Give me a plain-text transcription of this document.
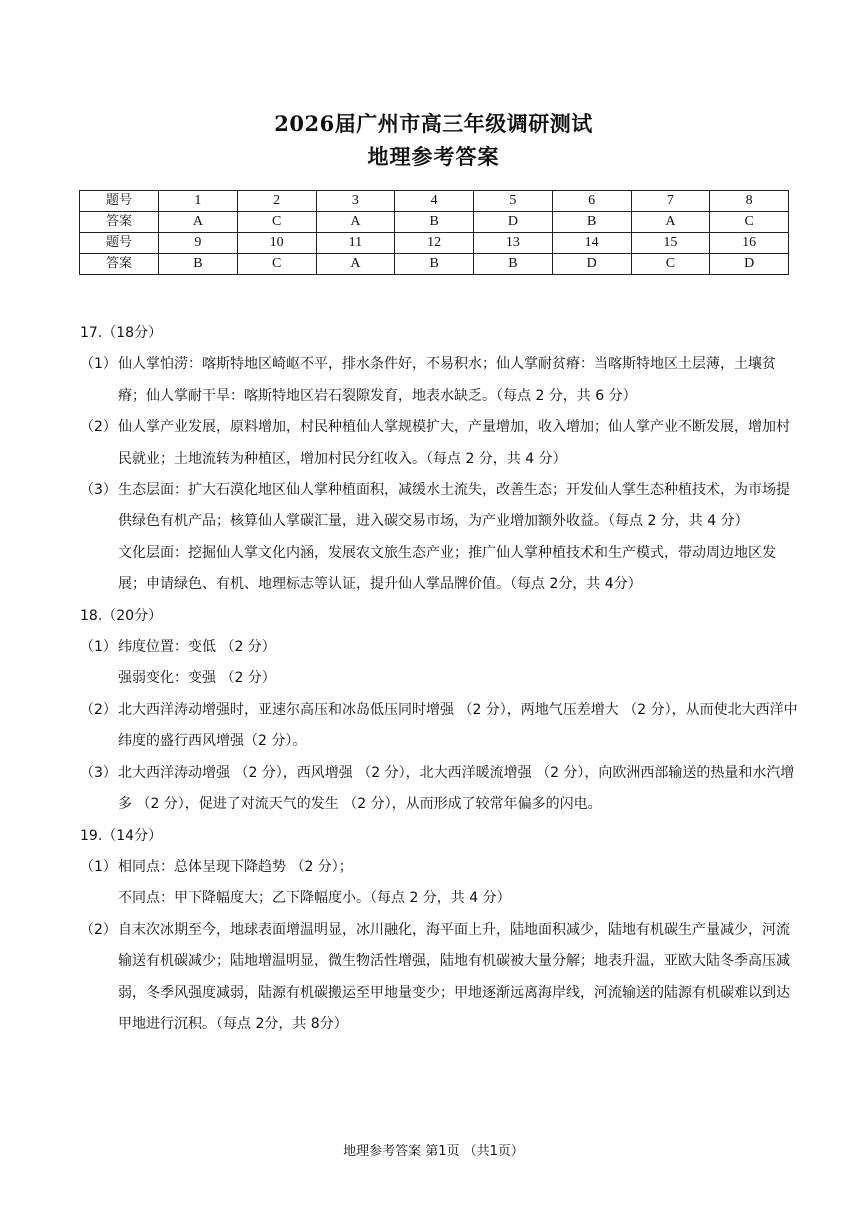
2026届广州市高三年级调研测试
地理参考答案
题号	1	2	3	4	5	6	7	8
答案	A	C	A	B	D	B	A	C
题号	9	10	11	12	13	14	15	16
答案	B	C	A	B	B	D	C	D
17.（18分）
（1） 仙人掌怕涝：喀斯特地区崎岖不平，排水条件好，不易积水；仙人掌耐贫瘠：当喀斯特地区土层薄，土壤贫瘠；仙人掌耐干旱：喀斯特地区岩石裂隙发育，地表水缺乏。（每点 2 分，共 6 分）
（2） 仙人掌产业发展，原料增加，村民种植仙人掌规模扩大，产量增加，收入增加；仙人掌产业不断发展，增加村民就业；土地流转为种植区，增加村民分红收入。（每点 2 分，共 4 分）
（3） 生态层面：扩大石漠化地区仙人掌种植面积，减缓水土流失，改善生态；开发仙人掌生态种植技术，为市场提供绿色有机产品；核算仙人掌碳汇量，进入碳交易市场，为产业增加额外收益。（每点 2 分，共 4 分）
文化层面：挖掘仙人掌文化内涵，发展农文旅生态产业；推广仙人掌种植技术和生产模式，带动周边地区发展；申请绿色、有机、地理标志等认证，提升仙人掌品牌价值。（每点 2分，共 4分）
18.（20分）
（1） 纬度位置：变低 （2 分）
强弱变化：变强 （2 分）
（2） 北大西洋涛动增强时，亚速尔高压和冰岛低压同时增强 （2 分），两地气压差增大 （2 分），从而使北大西洋中纬度的盛行西风增强（2 分）。
（3） 北大西洋涛动增强 （2 分），西风增强 （2 分），北大西洋暖流增强 （2 分），向欧洲西部输送的热量和水汽增多 （2 分），促进了对流天气的发生 （2 分），从而形成了较常年偏多的闪电。
19.（14分）
（1） 相同点：总体呈现下降趋势 （2 分）；
不同点：甲下降幅度大；乙下降幅度小。（每点 2 分，共 4 分）
（2） 自末次冰期至今，地球表面增温明显，冰川融化，海平面上升，陆地面积减少，陆地有机碳生产量减少，河流输送有机碳减少；陆地增温明显，微生物活性增强，陆地有机碳被大量分解；地表升温，亚欧大陆冬季高压减弱，冬季风强度减弱，陆源有机碳搬运至甲地量变少；甲地逐渐远离海岸线，河流输送的陆源有机碳难以到达甲地进行沉积。（每点 2分，共 8分）
地理参考答案 第1页 （共1页）
